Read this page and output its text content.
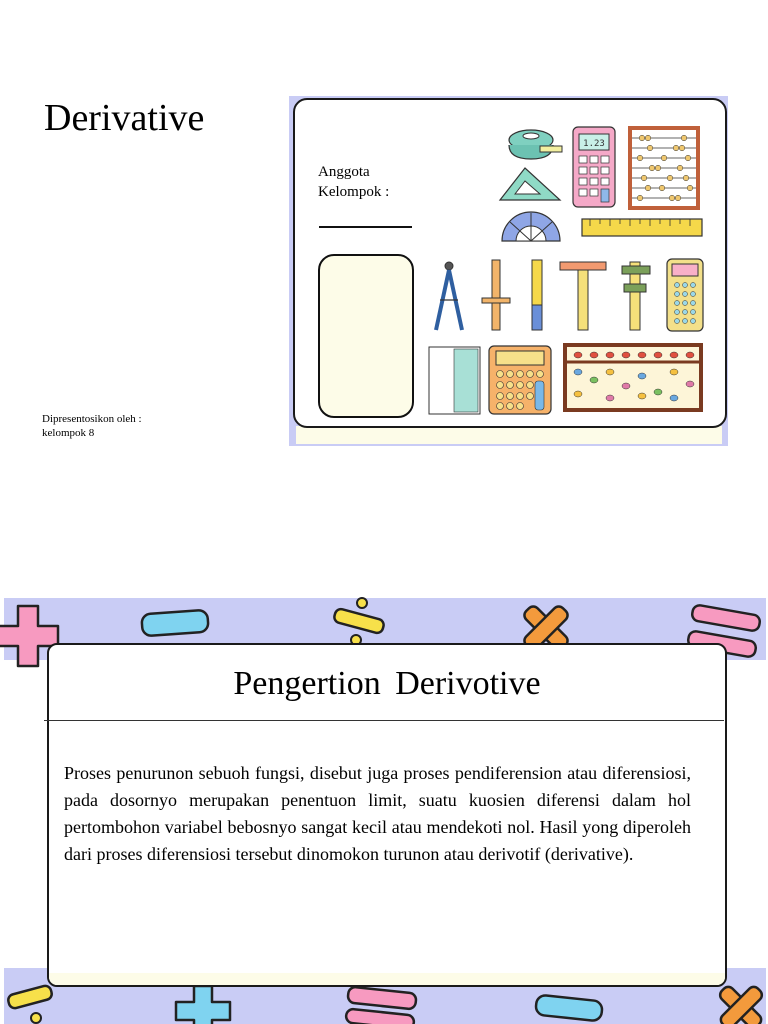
Derivative
Dipresentosikon oleh :
kelompok 8
Anggota
Kelompok :
1.23
Pengertion Derivotive

Proses penurunon sebuoh fungsi, disebut juga proses pendiferension atau diferensiosi, pada dosornyo merupakan penentuon limit, suatu kuosien diferensi dalam hol pertombohon variabel bebosnyo sangat kecil atau mendekoti nol. Hasil yong diperoleh dari proses diferensiosi tersebut dinomokon turunon atau derivotif (derivative).
